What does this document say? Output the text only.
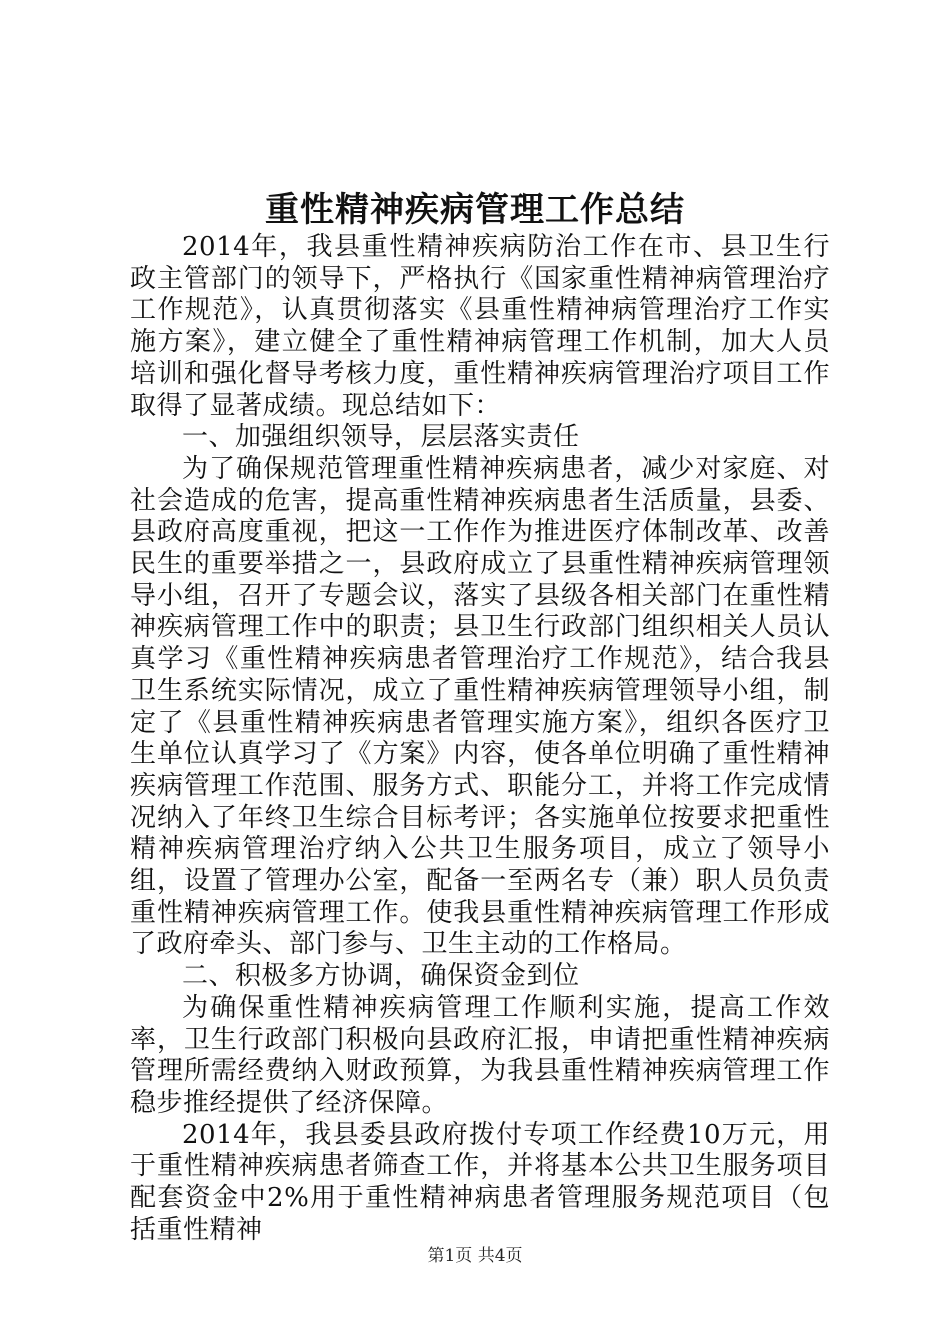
重性精神疾病管理工作总结

2014年，我县重性精神疾病防治工作在市、县卫生行政主管部门的领导下，严格执行《国家重性精神病管理治疗工作规范》，认真贯彻落实《县重性精神病管理治疗工作实施方案》，建立健全了重性精神病管理工作机制，加大人员培训和强化督导考核力度，重性精神疾病管理治疗项目工作取得了显著成绩。现总结如下：

一、加强组织领导，层层落实责任

为了确保规范管理重性精神疾病患者，减少对家庭、对社会造成的危害，提高重性精神疾病患者生活质量，县委、县政府高度重视，把这一工作作为推进医疗体制改革、改善民生的重要举措之一，县政府成立了县重性精神疾病管理领导小组，召开了专题会议，落实了县级各相关部门在重性精神疾病管理工作中的职责；县卫生行政部门组织相关人员认真学习《重性精神疾病患者管理治疗工作规范》，结合我县卫生系统实际情况，成立了重性精神疾病管理领导小组，制定了《县重性精神疾病患者管理实施方案》，组织各医疗卫生单位认真学习了《方案》内容，使各单位明确了重性精神疾病管理工作范围、服务方式、职能分工，并将工作完成情况纳入了年终卫生综合目标考评；各实施单位按要求把重性精神疾病管理治疗纳入公共卫生服务项目，成立了领导小组，设置了管理办公室，配备一至两名专（兼）职人员负责重性精神疾病管理工作。使我县重性精神疾病管理工作形成了政府牵头、部门参与、卫生主动的工作格局。

二、积极多方协调，确保资金到位

为确保重性精神疾病管理工作顺利实施，提高工作效率，卫生行政部门积极向县政府汇报，申请把重性精神疾病管理所需经费纳入财政预算，为我县重性精神疾病管理工作稳步推经提供了经济保障。

2014年，我县委县政府拨付专项工作经费10万元，用于重性精神疾病患者筛查工作，并将基本公共卫生服务项目配套资金中2%用于重性精神病患者管理服务规范项目（包括重性精神

第1页 共4页
